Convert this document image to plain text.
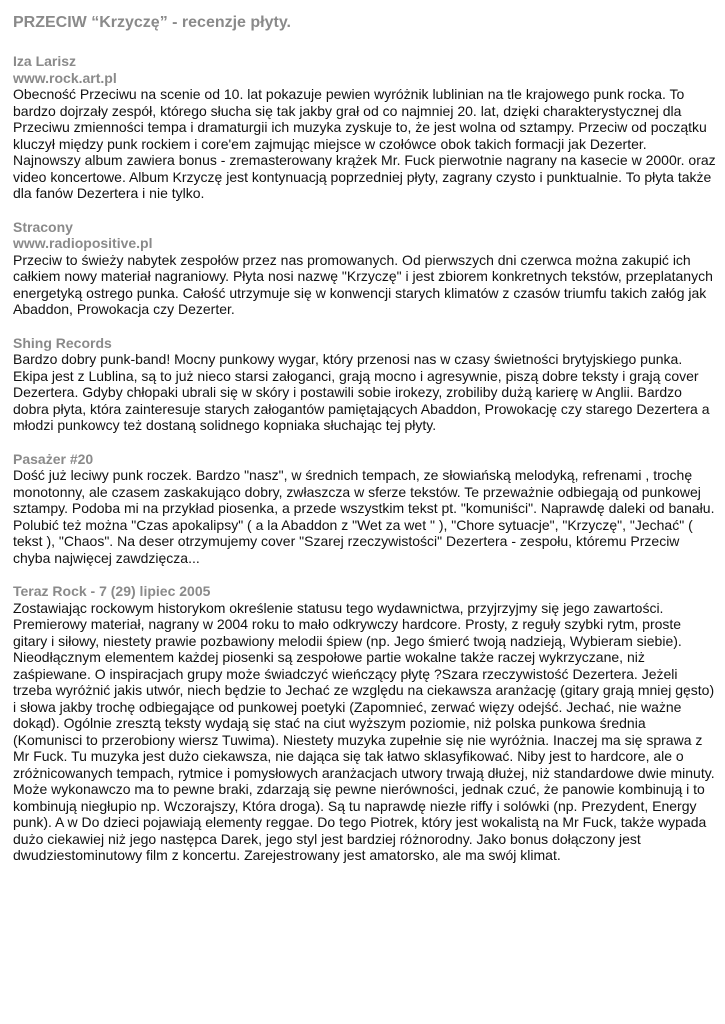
PRZECIW “Krzyczę” - recenzje płyty.
Iza Larisz
www.rock.art.pl

Obecność Przeciwu na scenie od 10. lat pokazuje pewien wyróżnik lublinian na tle krajowego punk rocka. To bardzo dojrzały zespół, którego słucha się tak jakby grał od co najmniej 20. lat, dzięki charakterystycznej dla Przeciwu zmienności tempa i dramaturgii ich muzyka zyskuje to, że jest wolna od sztampy. Przeciw od początku kluczył między punk rockiem i core'em zajmując miejsce w czołówce obok takich formacji jak Dezerter. Najnowszy album zawiera bonus - zremasterowany krążek Mr. Fuck pierwotnie nagrany na kasecie w 2000r. oraz video koncertowe. Album Krzyczę jest kontynuacją poprzedniej płyty, zagrany czysto i punktualnie. To płyta także dla fanów Dezertera i nie tylko.

Stracony
www.radiopositive.pl

Przeciw to świeży nabytek zespołów przez nas promowanych. Od pierwszych dni czerwca można zakupić ich całkiem nowy materiał nagraniowy. Płyta nosi nazwę "Krzyczę" i jest zbiorem konkretnych tekstów, przeplatanych energetyką ostrego punka. Całość utrzymuje się w konwencji starych klimatów z czasów triumfu takich załóg jak Abaddon, Prowokacja czy Dezerter.

Shing Records

Bardzo dobry punk-band! Mocny punkowy wygar, który przenosi nas w czasy świetności brytyjskiego punka. Ekipa jest z Lublina, są to już nieco starsi załoganci, grają mocno i agresywnie, piszą dobre teksty i grają cover Dezertera. Gdyby chłopaki ubrali się w skóry i postawili sobie irokezy, zrobiliby dużą karierę w Anglii. Bardzo dobra płyta, która zainteresuje starych załogantów pamiętających Abaddon, Prowokację czy starego Dezertera a młodzi punkowcy też dostaną solidnego kopniaka słuchając tej płyty.

Pasażer #20

Dość już leciwy punk roczek. Bardzo "nasz", w średnich tempach, ze słowiańską melodyką, refrenami , trochę monotonny, ale czasem zaskakująco dobry, zwłaszcza w sferze tekstów. Te przeważnie odbiegają od punkowej sztampy. Podoba mi na przykład piosenka, a przede wszystkim tekst pt. "komuniści". Naprawdę daleki od banału. Polubić też można "Czas apokalipsy" ( a la Abaddon z "Wet za wet " ), "Chore sytuacje", "Krzyczę", "Jechać" ( tekst ), "Chaos". Na deser otrzymujemy cover "Szarej rzeczywistości" Dezertera - zespołu, któremu Przeciw chyba najwięcej zawdzięcza...

Teraz Rock - 7 (29) lipiec 2005

Zostawiając rockowym historykom określenie statusu tego wydawnictwa, przyjrzyjmy się jego zawartości. Premierowy materiał, nagrany w 2004 roku to mało odkrywczy hardcore. Prosty, z reguły szybki rytm, proste gitary i siłowy, niestety prawie pozbawiony melodii śpiew (np. Jego śmierć twoją nadzieją, Wybieram siebie). Nieodłącznym elementem każdej piosenki są zespołowe partie wokalne także raczej wykrzyczane, niż zaśpiewane. O inspiracjach grupy może świadczyć wieńczący płytę ?Szara rzeczywistość Dezertera. Jeżeli trzeba wyróżnić jakis utwór, niech będzie to Jechać ze względu na ciekawsza aranżację (gitary grają mniej gęsto) i słowa jakby trochę odbiegające od punkowej poetyki (Zapomnieć, zerwać więzy odejść. Jechać, nie ważne dokąd). Ogólnie zresztą teksty wydają się stać na ciut wyższym poziomie, niż polska punkowa średnia (Komunisci to przerobiony wiersz Tuwima). Niestety muzyka zupełnie się nie wyróżnia. Inaczej ma się sprawa z Mr Fuck. Tu muzyka jest dużo ciekawsza, nie dająca się tak łatwo sklasyfikować. Niby jest to hardcore, ale o zróżnicowanych tempach, rytmice i pomysłowych aranżacjach utwory trwają dłużej, niż standardowe dwie minuty. Może wykonawczo ma to pewne braki, zdarzają się pewne nierówności, jednak czuć, że panowie kombinują i to kombinują niegłupio np. Wczorajszy, Która droga). Są tu naprawdę niezłe riffy i solówki (np. Prezydent, Energy punk). A w Do dzieci pojawiają elementy reggae. Do tego Piotrek, który jest wokalistą na Mr Fuck, także wypada dużo ciekawiej niż jego następca Darek, jego styl jest bardziej różnorodny. Jako bonus dołączony jest dwudziestominutowy film z koncertu. Zarejestrowany jest amatorsko, ale ma swój klimat.
